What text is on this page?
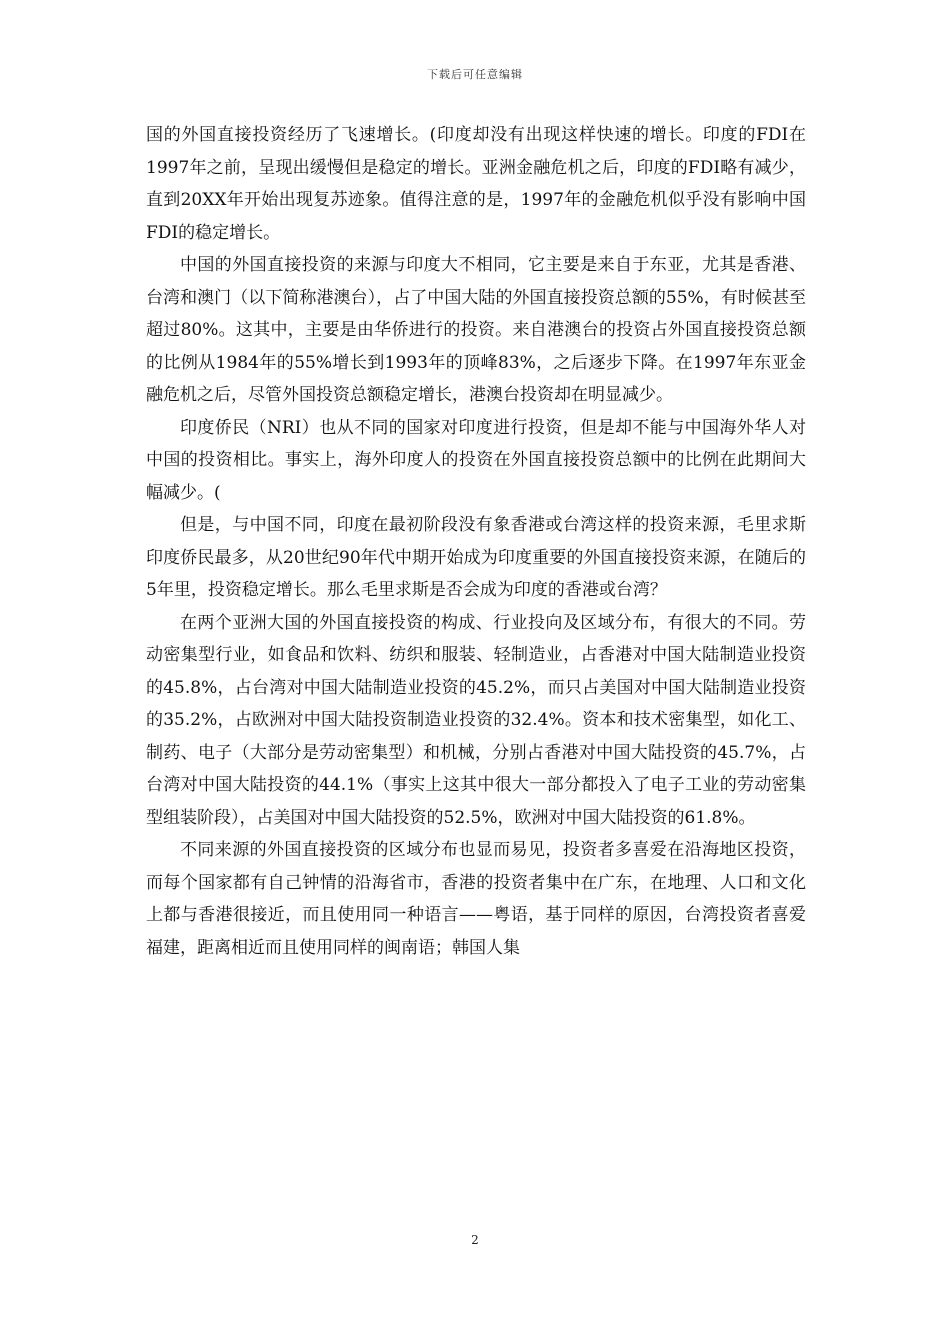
下载后可任意编辑

国的外国直接投资经历了飞速增长。(印度却没有出现这样快速的增长。印度的FDI在1997年之前，呈现出缓慢但是稳定的增长。亚洲金融危机之后，印度的FDI略有减少，直到20XX年开始出现复苏迹象。值得注意的是，1997年的金融危机似乎没有影响中国FDI的稳定增长。

中国的外国直接投资的来源与印度大不相同，它主要是来自于东亚，尤其是香港、台湾和澳门（以下简称港澳台），占了中国大陆的外国直接投资总额的55%，有时候甚至超过80%。这其中，主要是由华侨进行的投资。来自港澳台的投资占外国直接投资总额的比例从1984年的55%增长到1993年的顶峰83%，之后逐步下降。在1997年东亚金融危机之后，尽管外国投资总额稳定增长，港澳台投资却在明显减少。

印度侨民（NRI）也从不同的国家对印度进行投资，但是却不能与中国海外华人对中国的投资相比。事实上，海外印度人的投资在外国直接投资总额中的比例在此期间大幅减少。(

但是，与中国不同，印度在最初阶段没有象香港或台湾这样的投资来源，毛里求斯印度侨民最多，从20世纪90年代中期开始成为印度重要的外国直接投资来源，在随后的5年里，投资稳定增长。那么毛里求斯是否会成为印度的香港或台湾？

在两个亚洲大国的外国直接投资的构成、行业投向及区域分布，有很大的不同。劳动密集型行业，如食品和饮料、纺织和服装、轻制造业，占香港对中国大陆制造业投资的45.8%，占台湾对中国大陆制造业投资的45.2%，而只占美国对中国大陆制造业投资的35.2%，占欧洲对中国大陆投资制造业投资的32.4%。资本和技术密集型，如化工、制药、电子（大部分是劳动密集型）和机械，分别占香港对中国大陆投资的45.7%，占台湾对中国大陆投资的44.1%（事实上这其中很大一部分都投入了电子工业的劳动密集型组装阶段），占美国对中国大陆投资的52.5%，欧洲对中国大陆投资的61.8%。

不同来源的外国直接投资的区域分布也显而易见，投资者多喜爱在沿海地区投资，而每个国家都有自己钟情的沿海省市，香港的投资者集中在广东，在地理、人口和文化上都与香港很接近，而且使用同一种语言——粤语，基于同样的原因，台湾投资者喜爱福建，距离相近而且使用同样的闽南语；韩国人集

2
